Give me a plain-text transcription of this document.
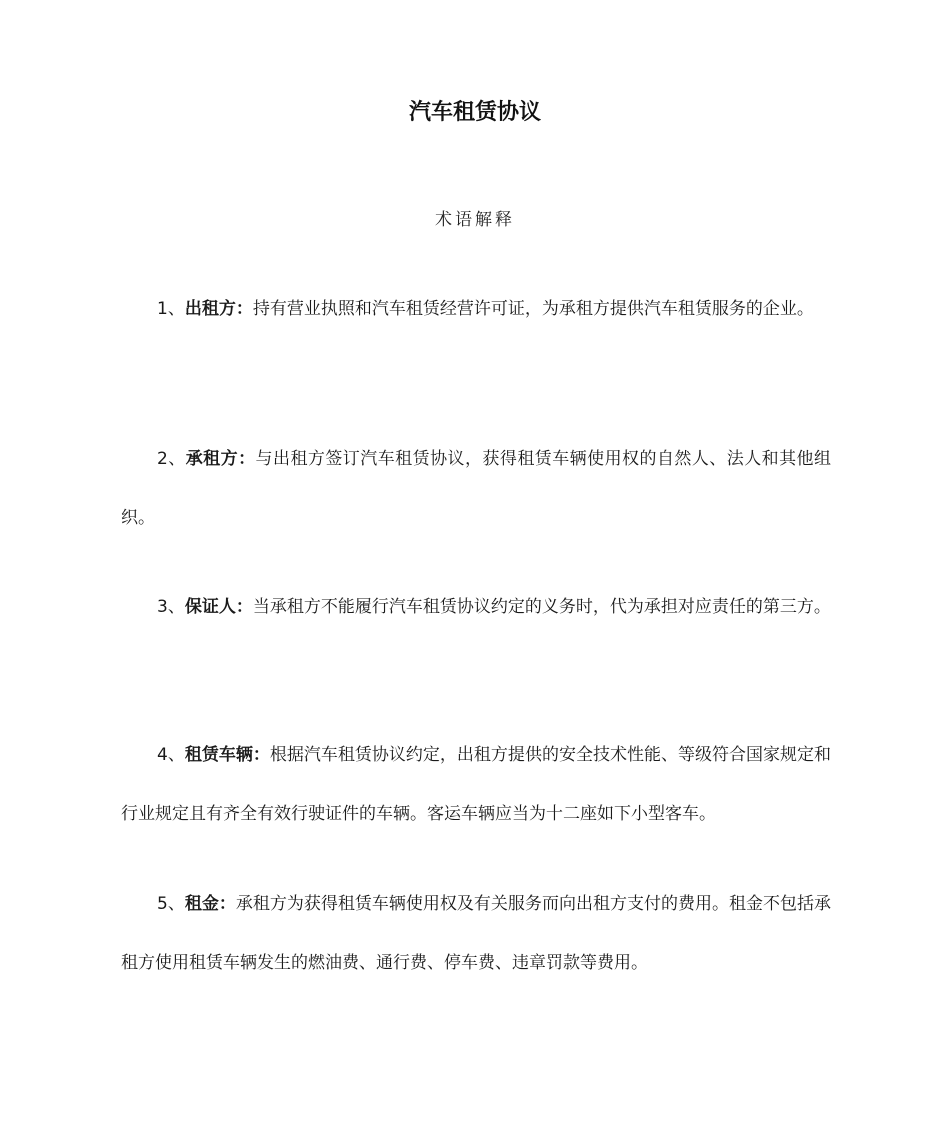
汽车租赁协议
术语解释

1、出租方：持有营业执照和汽车租赁经营许可证，为承租方提供汽车租赁服务的企业。

2、承租方：与出租方签订汽车租赁协议，获得租赁车辆使用权的自然人、法人和其他组织。

3、保证人：当承租方不能履行汽车租赁协议约定的义务时，代为承担对应责任的第三方。

4、租赁车辆：根据汽车租赁协议约定，出租方提供的安全技术性能、等级符合国家规定和行业规定且有齐全有效行驶证件的车辆。客运车辆应当为十二座如下小型客车。

5、租金：承租方为获得租赁车辆使用权及有关服务而向出租方支付的费用。租金不包括承租方使用租赁车辆发生的燃油费、通行费、停车费、违章罚款等费用。
